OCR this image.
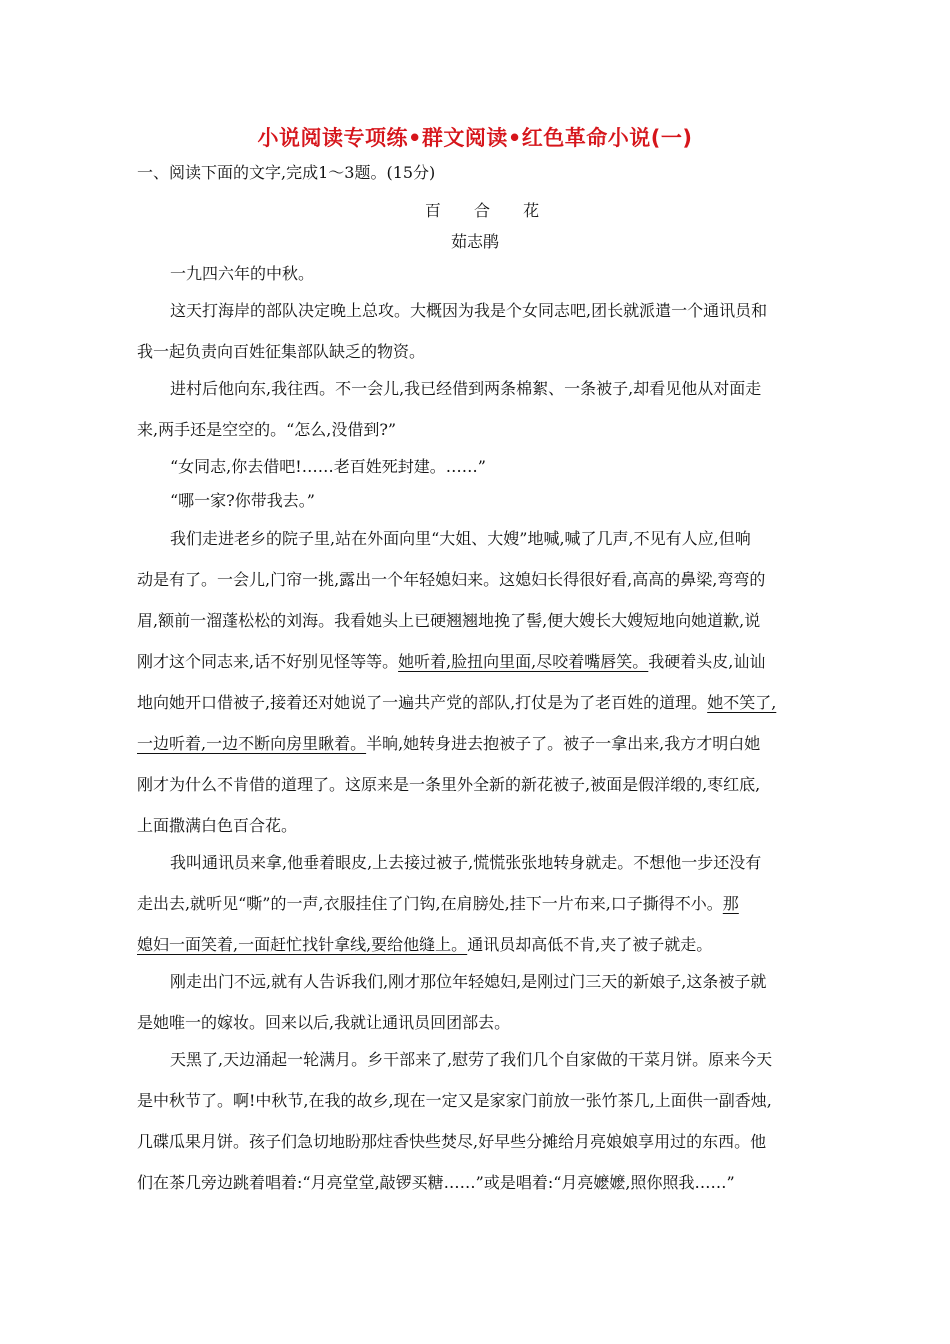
小说阅读专项练•群文阅读•红色革命小说(一)
一、阅读下面的文字,完成1～3题。(15分)
百 合 花
茹志鹃
一九四六年的中秋。
这天打海岸的部队决定晚上总攻。大概因为我是个女同志吧,团长就派遣一个通讯员和
我一起负责向百姓征集部队缺乏的物资。
进村后他向东,我往西。不一会儿,我已经借到两条棉絮、一条被子,却看见他从对面走
来,两手还是空空的。“怎么,没借到?”
“女同志,你去借吧!……老百姓死封建。……”
“哪一家?你带我去。”
我们走进老乡的院子里,站在外面向里“大姐、大嫂”地喊,喊了几声,不见有人应,但响
动是有了。一会儿,门帘一挑,露出一个年轻媳妇来。这媳妇长得很好看,高高的鼻梁,弯弯的
眉,额前一溜蓬松松的刘海。我看她头上已硬翘翘地挽了髻,便大嫂长大嫂短地向她道歉,说
刚才这个同志来,话不好别见怪等等。她听着,脸扭向里面,尽咬着嘴唇笑。我硬着头皮,讪讪
地向她开口借被子,接着还对她说了一遍共产党的部队,打仗是为了老百姓的道理。她不笑了,
一边听着,一边不断向房里瞅着。半晌,她转身进去抱被子了。被子一拿出来,我方才明白她
刚才为什么不肯借的道理了。这原来是一条里外全新的新花被子,被面是假洋缎的,枣红底,
上面撒满白色百合花。
我叫通讯员来拿,他垂着眼皮,上去接过被子,慌慌张张地转身就走。不想他一步还没有
走出去,就听见“嘶”的一声,衣服挂住了门钩,在肩膀处,挂下一片布来,口子撕得不小。那
媳妇一面笑着,一面赶忙找针拿线,要给他缝上。通讯员却高低不肯,夹了被子就走。
刚走出门不远,就有人告诉我们,刚才那位年轻媳妇,是刚过门三天的新娘子,这条被子就
是她唯一的嫁妆。回来以后,我就让通讯员回团部去。
天黑了,天边涌起一轮满月。乡干部来了,慰劳了我们几个自家做的干菜月饼。原来今天
是中秋节了。啊!中秋节,在我的故乡,现在一定又是家家门前放一张竹茶几,上面供一副香烛,
几碟瓜果月饼。孩子们急切地盼那炷香快些焚尽,好早些分摊给月亮娘娘享用过的东西。他
们在茶几旁边跳着唱着:“月亮堂堂,敲锣买糖……”或是唱着:“月亮嬷嬷,照你照我……”
